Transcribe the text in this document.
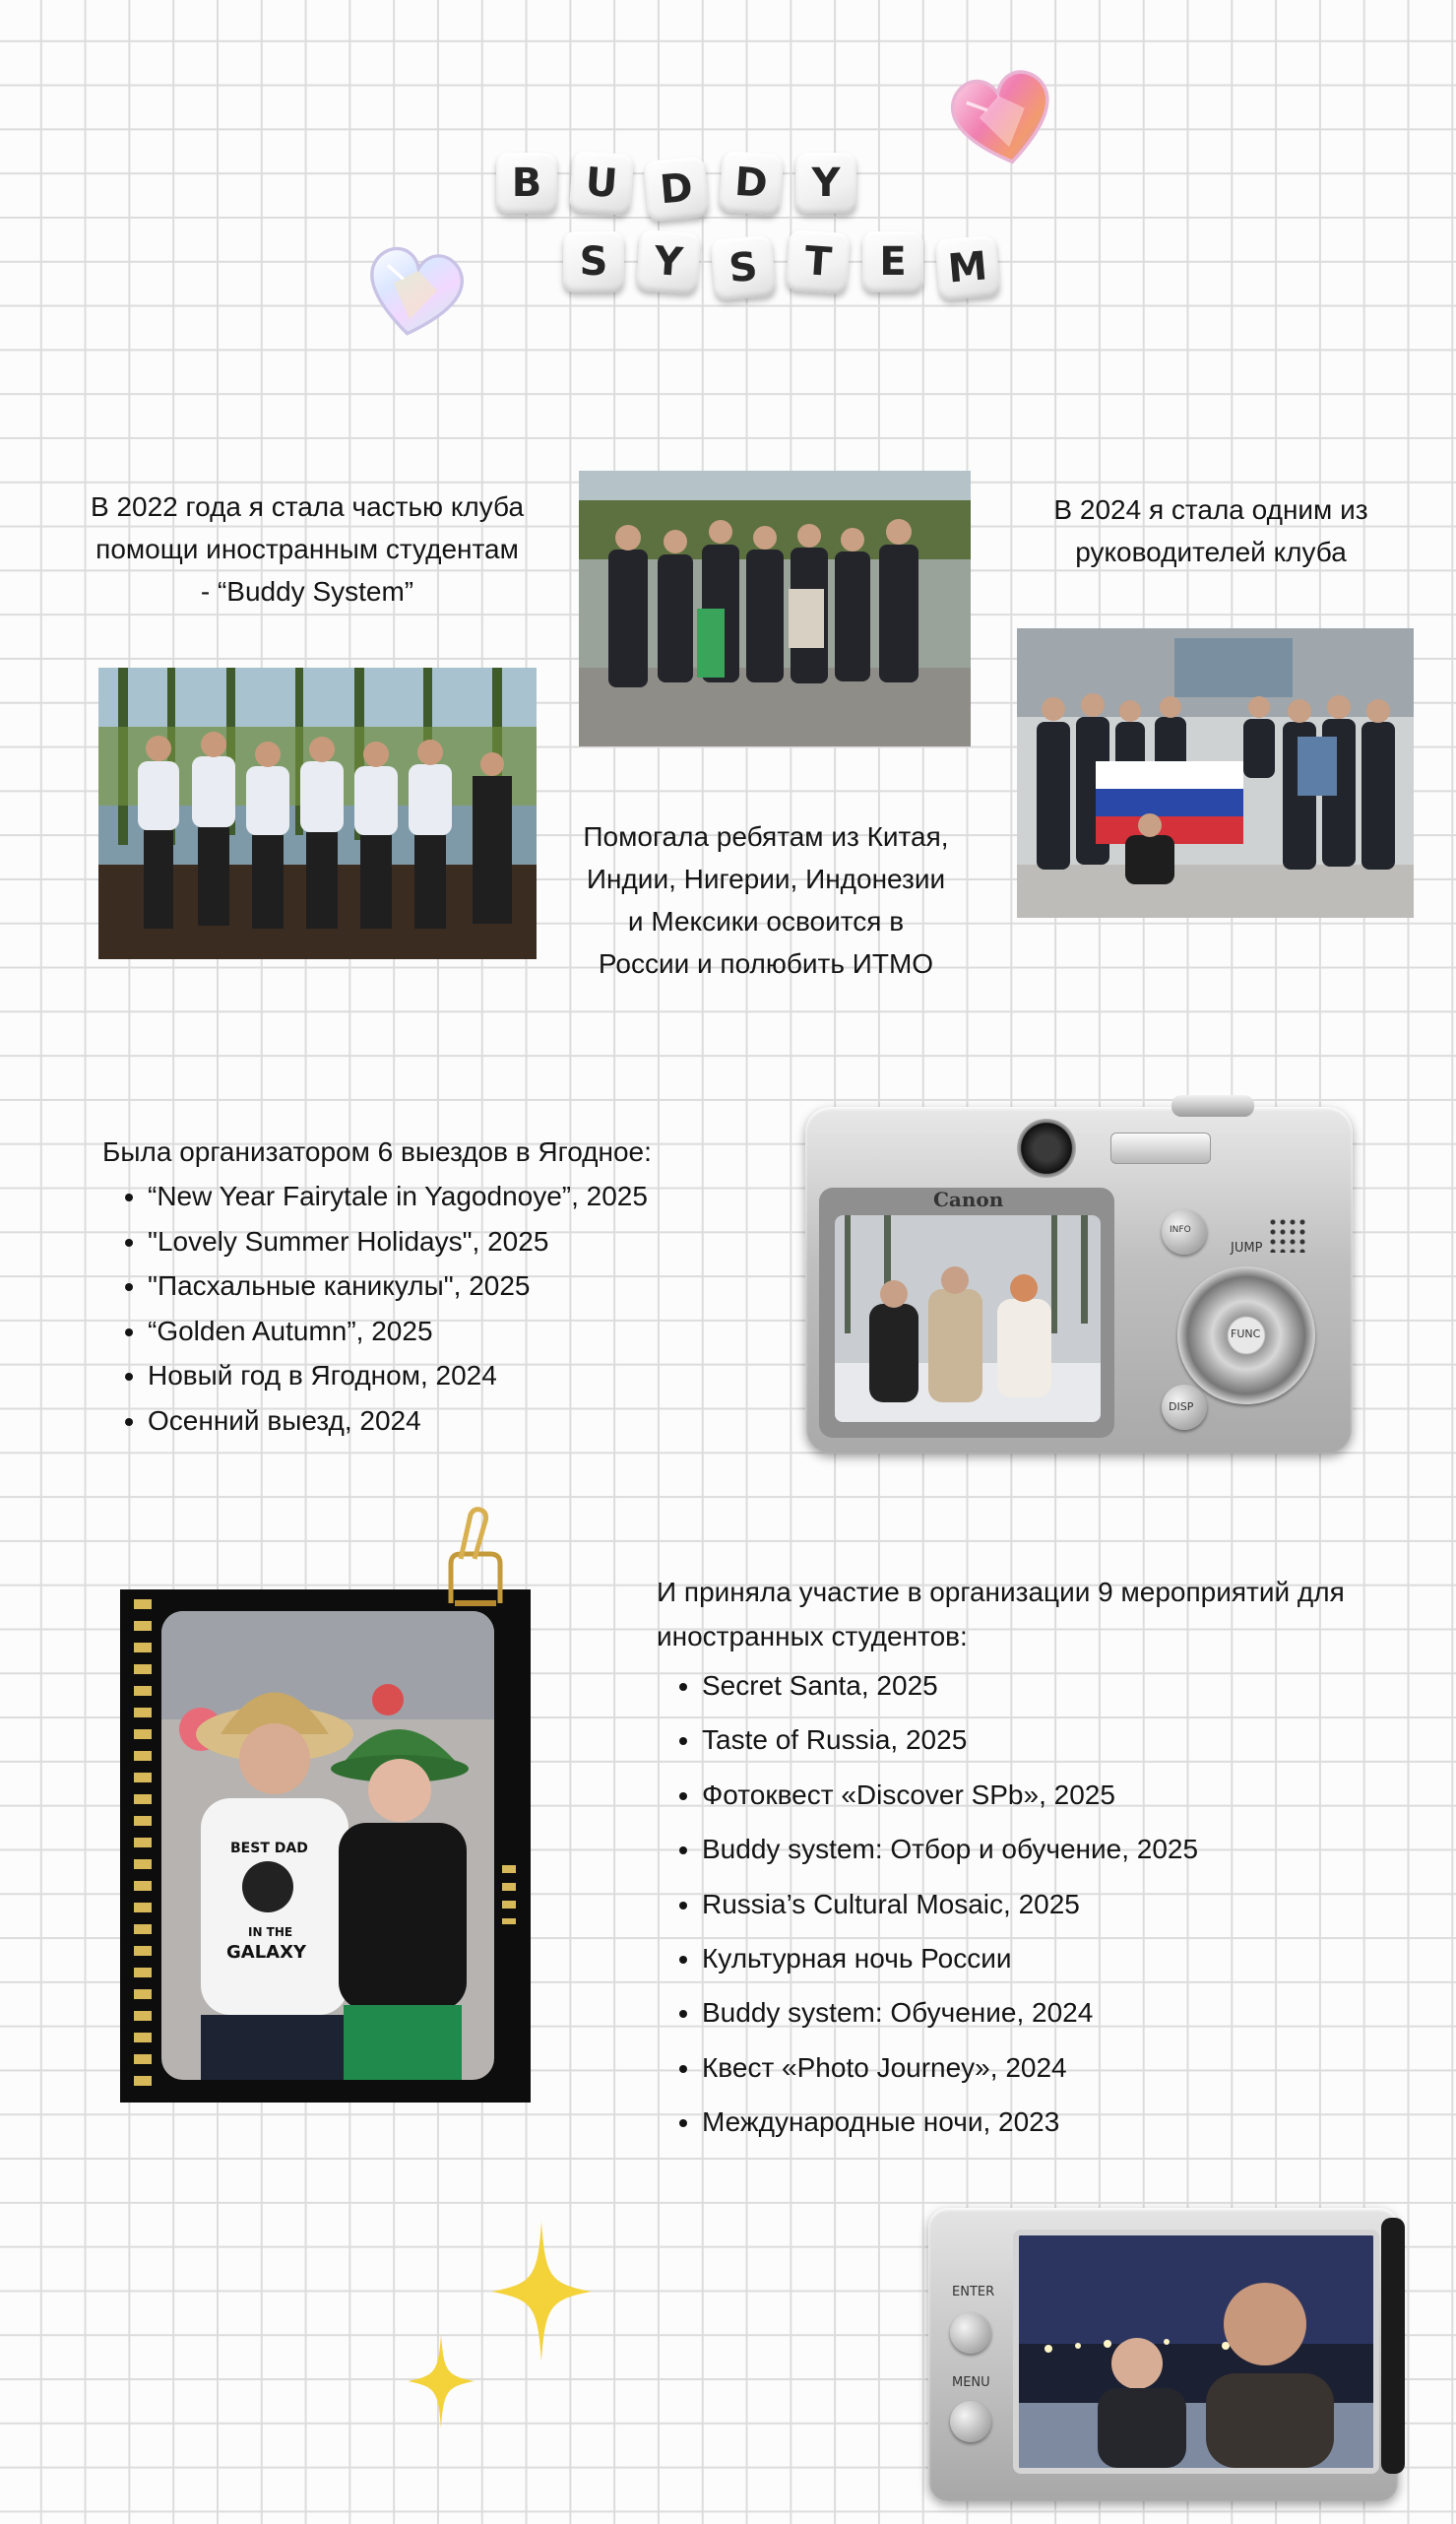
B	U D D	Y
S	Y	S	T	E	M
В 2022 года я стала частью клуба помощи иностранным студентам - “Buddy System”
В 2024 я стала одним из руководителей клуба
Помогала ребятам из Китая, Индии, Нигерии, Индонезии и Мексики освоится в России и полюбить ИТМО
Была организатором 6 выездов в Ягодное:
• “New Year Fairytale in Yagodnoye”, 2025
• "Lovely Summer Holidays", 2025
• "Пасхальные каникулы", 2025
• “Golden Autumn”, 2025
• Новый год в Ягодном, 2024
• Осенний выезд, 2024
Canon
INFO
JUMP
FUNC
DISP
BEST DAD
IN THE
GALAXY
И приняла участие в организации 9 мероприятий для иностранных студентов:
• Secret Santa, 2025
• Taste of Russia, 2025
• Фотоквест «Discover SPb», 2025
• Buddy system: Отбор и обучение, 2025
• Russia’s Cultural Mosaic, 2025
• Культурная ночь России
• Buddy system: Обучение, 2024
• Квест «Photo Journey», 2024
• Международные ночи, 2023
ENTER
MENU
